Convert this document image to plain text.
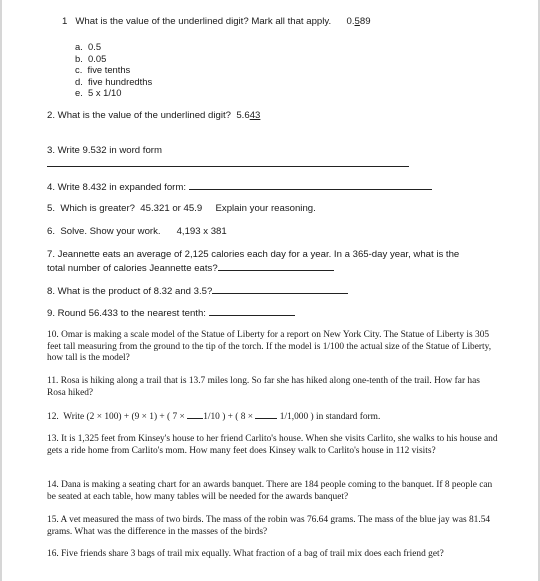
1 What is the value of the underlined digit? Mark all that apply. 0.589
a. 0.5
b. 0.05
c. five tenths
d. five hundredths
e. 5 x 1/10
2. What is the value of the underlined digit? 5.643
3. Write 9.532 in word form
4. Write 8.432 in expanded form:
5.  Which is greater?  45.321 or 45.9     Explain your reasoning.
6.  Solve. Show your work.      4,193 x 381
7. Jeannette eats an average of 2,125 calories each day for a year. In a 365-day year, what is the
total number of calories Jeannette eats?
8. What is the product of 8.32 and 3.5?
9. Round 56.433 to the nearest tenth:
10. Omar is making a scale model of the Statue of Liberty for a report on New York City. The Statue of Liberty is 305 feet tall measuring from the ground to the tip of the torch. If the model is 1/100 the actual size of the Statue of Liberty, how tall is the model?
11. Rosa is hiking along a trail that is 13.7 miles long. So far she has hiked along one-tenth of the trail. How far has Rosa hiked?
12.  Write (2 × 100) + (9 × 1) + ( 7 × 1/10 ) + ( 8 ×  1/1,000 ) in standard form.
13. It is 1,325 feet from Kinsey's house to her friend Carlito's house. When she visits Carlito, she walks to his house and gets a ride home from Carlito's mom. How many feet does Kinsey walk to Carlito's house in 112 visits?
14. Dana is making a seating chart for an awards banquet. There are 184 people coming to the banquet. If 8 people can be seated at each table, how many tables will be needed for the awards banquet?
15. A vet measured the mass of two birds. The mass of the robin was 76.64 grams. The mass of the blue jay was 81.54 grams. What was the difference in the masses of the birds?
16. Five friends share 3 bags of trail mix equally. What fraction of a bag of trail mix does each friend get?
